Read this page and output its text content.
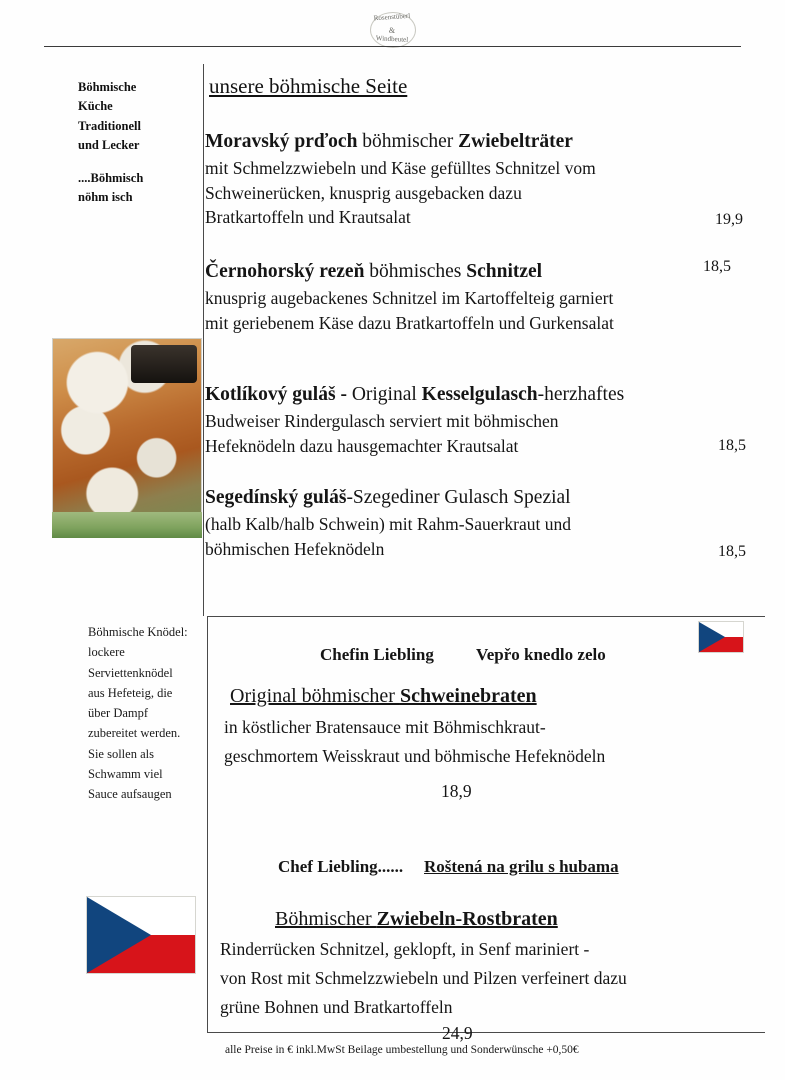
Rosenstüberl
&
Windbeutel
Böhmische
Küche
Traditionell
und Lecker
....Böhmisch
nöhm isch
Böhmische Knödel: lockere Serviettenknödel aus Hefeteig, die über Dampf zubereitet werden. Sie sollen als Schwamm viel Sauce aufsaugen
unsere böhmische Seite
Moravský prďoch böhmischer Zwiebelträter
mit Schmelzzwiebeln und Käse gefülltes Schnitzel vom
Schweinerücken, knusprig ausgebacken dazu
Bratkartoffeln und Krautsalat	19,9
Černohorský rezeň böhmisches Schnitzel
knusprig augebackenes Schnitzel im Kartoffelteig garniert
mit geriebenem Käse dazu Bratkartoffeln und Gurkensalat
18,5
Kotlíkový guláš - Original Kesselgulasch-herzhaftes
Budweiser Rindergulasch serviert mit böhmischen
Hefeknödeln dazu hausgemachter Krautsalat	18,5
Segedínský guláš-Szegediner Gulasch Spezial
(halb Kalb/halb Schwein) mit Rahm-Sauerkraut und
böhmischen Hefeknödeln	18,5
Chefin Liebling Vepřo knedlo zelo
Original böhmischer Schweinebraten
in köstlicher Bratensauce mit Böhmischkraut-
geschmortem Weisskraut und böhmische Hefeknödeln
18,9
Chef Liebling...... Roštená na grilu s hubama
Böhmischer Zwiebeln-Rostbraten
Rinderrücken Schnitzel, geklopft, in Senf mariniert -
von Rost mit Schmelzzwiebeln und Pilzen verfeinert dazu
grüne Bohnen und Bratkartoffeln
24,9
alle Preise in € inkl.MwSt Beilage umbestellung und Sonderwünsche +0,50€
